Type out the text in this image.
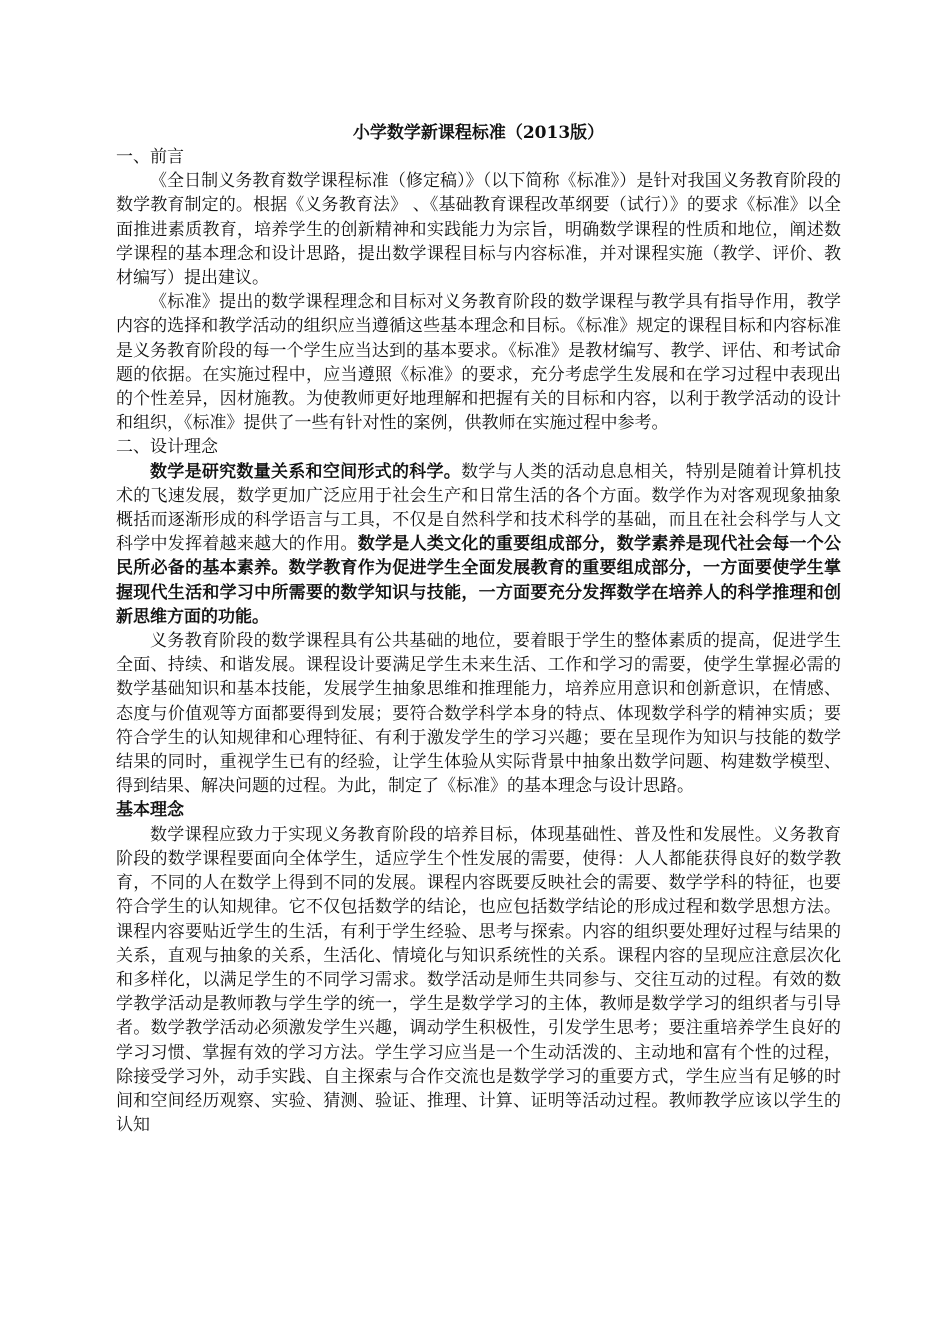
小学数学新课程标准（2013版）

一、前言

《全日制义务教育数学课程标准（修定稿）》（以下简称《标准》）是针对我国义务教育阶段的数学教育制定的。根据《义务教育法》 、《基础教育课程改革纲要（试行）》的要求《标准》以全面推进素质教育，培养学生的创新精神和实践能力为宗旨，明确数学课程的性质和地位，阐述数学课程的基本理念和设计思路，提出数学课程目标与内容标准，并对课程实施（教学、评价、教材编写）提出建议。

《标准》提出的数学课程理念和目标对义务教育阶段的数学课程与教学具有指导作用，教学内容的选择和教学活动的组织应当遵循这些基本理念和目标。《标准》规定的课程目标和内容标准是义务教育阶段的每一个学生应当达到的基本要求。《标准》是教材编写、教学、评估、和考试命题的依据。在实施过程中，应当遵照《标准》的要求，充分考虑学生发展和在学习过程中表现出的个性差异，因材施教。为使教师更好地理解和把握有关的目标和内容，以利于教学活动的设计和组织，《标准》提供了一些有针对性的案例，供教师在实施过程中参考。

二、设计理念

数学是研究数量关系和空间形式的科学。数学与人类的活动息息相关，特别是随着计算机技术的飞速发展，数学更加广泛应用于社会生产和日常生活的各个方面。数学作为对客观现象抽象概括而逐渐形成的科学语言与工具，不仅是自然科学和技术科学的基础，而且在社会科学与人文科学中发挥着越来越大的作用。数学是人类文化的重要组成部分，数学素养是现代社会每一个公民所必备的基本素养。数学教育作为促进学生全面发展教育的重要组成部分，一方面要使学生掌握现代生活和学习中所需要的数学知识与技能，一方面要充分发挥数学在培养人的科学推理和创新思维方面的功能。

义务教育阶段的数学课程具有公共基础的地位，要着眼于学生的整体素质的提高，促进学生全面、持续、和谐发展。课程设计要满足学生未来生活、工作和学习的需要，使学生掌握必需的数学基础知识和基本技能，发展学生抽象思维和推理能力，培养应用意识和创新意识，在情感、态度与价值观等方面都要得到发展；要符合数学科学本身的特点、体现数学科学的精神实质；要符合学生的认知规律和心理特征、有利于激发学生的学习兴趣；要在呈现作为知识与技能的数学结果的同时，重视学生已有的经验，让学生体验从实际背景中抽象出数学问题、构建数学模型、得到结果、解决问题的过程。为此，制定了《标准》的基本理念与设计思路。

基本理念

数学课程应致力于实现义务教育阶段的培养目标，体现基础性、普及性和发展性。义务教育阶段的数学课程要面向全体学生，适应学生个性发展的需要，使得：人人都能获得良好的数学教育，不同的人在数学上得到不同的发展。课程内容既要反映社会的需要、数学学科的特征，也要符合学生的认知规律。它不仅包括数学的结论，也应包括数学结论的形成过程和数学思想方法。课程内容要贴近学生的生活，有利于学生经验、思考与探索。内容的组织要处理好过程与结果的关系，直观与抽象的关系，生活化、情境化与知识系统性的关系。课程内容的呈现应注意层次化和多样化，以满足学生的不同学习需求。数学活动是师生共同参与、交往互动的过程。有效的数学教学活动是教师教与学生学的统一，学生是数学学习的主体，教师是数学学习的组织者与引导者。数学教学活动必须激发学生兴趣，调动学生积极性，引发学生思考；要注重培养学生良好的学习习惯、掌握有效的学习方法。学生学习应当是一个生动活泼的、主动地和富有个性的过程，除接受学习外，动手实践、自主探索与合作交流也是数学学习的重要方式，学生应当有足够的时间和空间经历观察、实验、猜测、验证、推理、计算、证明等活动过程。教师教学应该以学生的认知
